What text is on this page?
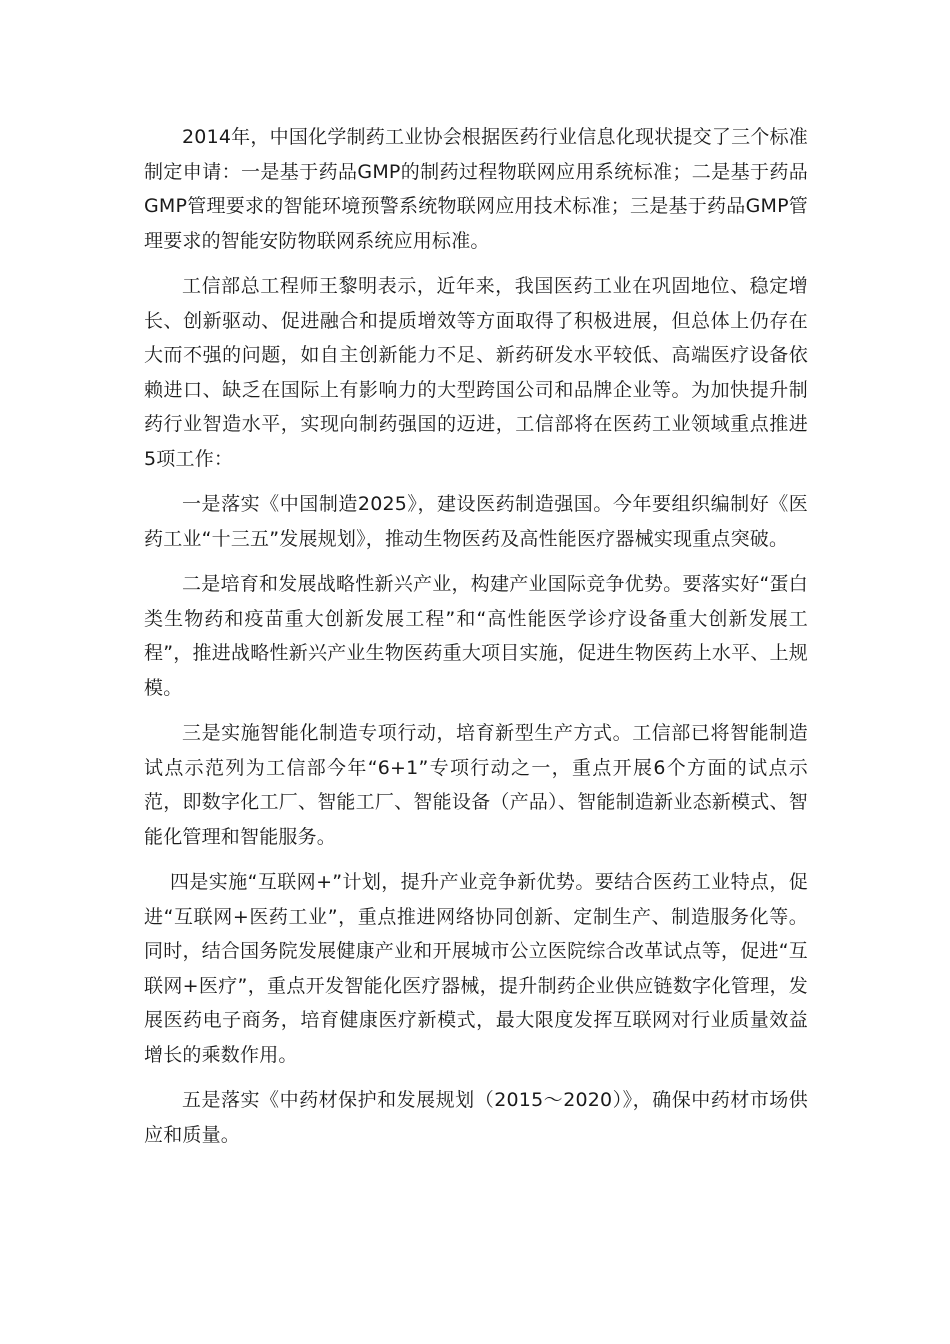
2014年，中国化学制药工业协会根据医药行业信息化现状提交了三个标准制定申请：一是基于药品GMP的制药过程物联网应用系统标准；二是基于药品GMP管理要求的智能环境预警系统物联网应用技术标准；三是基于药品GMP管理要求的智能安防物联网系统应用标准。

工信部总工程师王黎明表示，近年来，我国医药工业在巩固地位、稳定增长、创新驱动、促进融合和提质增效等方面取得了积极进展，但总体上仍存在大而不强的问题，如自主创新能力不足、新药研发水平较低、高端医疗设备依赖进口、缺乏在国际上有影响力的大型跨国公司和品牌企业等。为加快提升制药行业智造水平，实现向制药强国的迈进，工信部将在医药工业领域重点推进5项工作：

一是落实《中国制造2025》，建设医药制造强国。今年要组织编制好《医药工业“十三五”发展规划》，推动生物医药及高性能医疗器械实现重点突破。

二是培育和发展战略性新兴产业，构建产业国际竞争优势。要落实好“蛋白类生物药和疫苗重大创新发展工程”和“高性能医学诊疗设备重大创新发展工程”，推进战略性新兴产业生物医药重大项目实施，促进生物医药上水平、上规模。

三是实施智能化制造专项行动，培育新型生产方式。工信部已将智能制造试点示范列为工信部今年“6+1”专项行动之一，重点开展6个方面的试点示范，即数字化工厂、智能工厂、智能设备（产品）、智能制造新业态新模式、智能化管理和智能服务。

四是实施“互联网+”计划，提升产业竞争新优势。要结合医药工业特点，促进“互联网+医药工业”，重点推进网络协同创新、定制生产、制造服务化等。同时，结合国务院发展健康产业和开展城市公立医院综合改革试点等，促进“互联网+医疗”，重点开发智能化医疗器械，提升制药企业供应链数字化管理，发展医药电子商务，培育健康医疗新模式，最大限度发挥互联网对行业质量效益增长的乘数作用。

五是落实《中药材保护和发展规划（2015～2020）》，确保中药材市场供应和质量。
